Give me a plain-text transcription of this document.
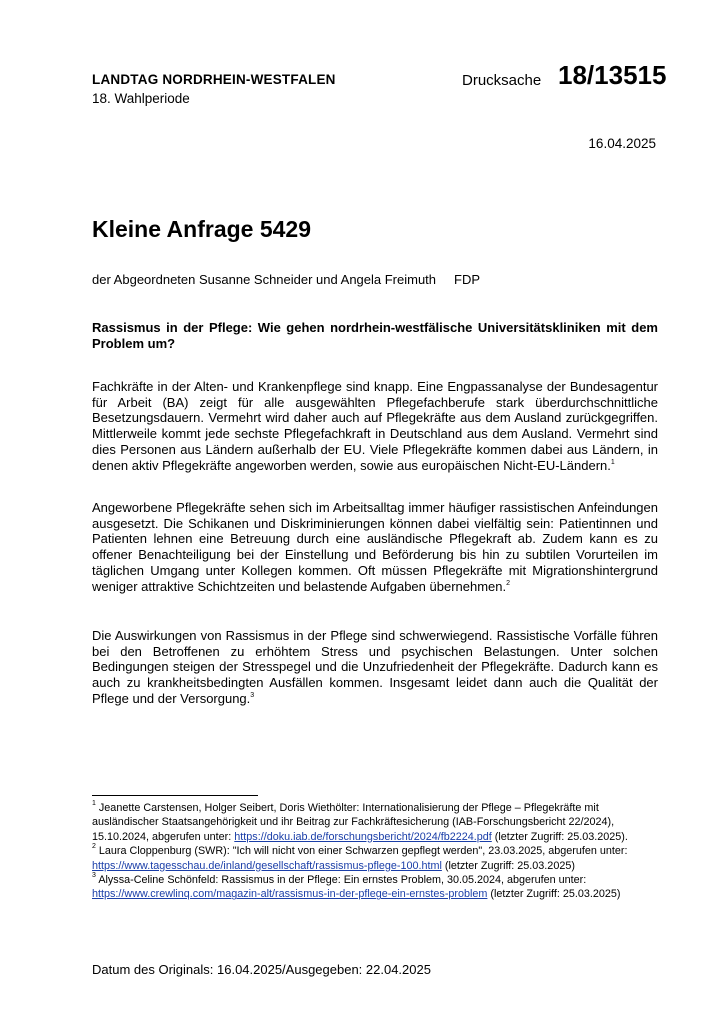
LANDTAG NORDRHEIN-WESTFALEN
18. Wahlperiode
Drucksache 18/13515
16.04.2025
Kleine Anfrage 5429
der Abgeordneten Susanne Schneider und Angela Freimuth FDP
Rassismus in der Pflege: Wie gehen nordrhein-westfälische Universitätskliniken mit dem Problem um?
Fachkräfte in der Alten- und Krankenpflege sind knapp. Eine Engpassanalyse der Bundesagentur für Arbeit (BA) zeigt für alle ausgewählten Pflegefachberufe stark überdurchschnittliche Besetzungsdauern. Vermehrt wird daher auch auf Pflegekräfte aus dem Ausland zurückgegriffen. Mittlerweile kommt jede sechste Pflegefachkraft in Deutschland aus dem Ausland. Vermehrt sind dies Personen aus Ländern außerhalb der EU. Viele Pflegekräfte kommen dabei aus Ländern, in denen aktiv Pflegekräfte angeworben werden, sowie aus europäischen Nicht-EU-Ländern.$^1$
Angeworbene Pflegekräfte sehen sich im Arbeitsalltag immer häufiger rassistischen Anfeindungen ausgesetzt. Die Schikanen und Diskriminierungen können dabei vielfältig sein: Patientinnen und Patienten lehnen eine Betreuung durch eine ausländische Pflegekraft ab. Zudem kann es zu offener Benachteiligung bei der Einstellung und Beförderung bis hin zu subtilen Vorurteilen im täglichen Umgang unter Kollegen kommen. Oft müssen Pflegekräfte mit Migrationshintergrund weniger attraktive Schichtzeiten und belastende Aufgaben übernehmen.$^2$
Die Auswirkungen von Rassismus in der Pflege sind schwerwiegend. Rassistische Vorfälle führen bei den Betroffenen zu erhöhtem Stress und psychischen Belastungen. Unter solchen Bedingungen steigen der Stresspegel und die Unzufriedenheit der Pflegekräfte. Dadurch kann es auch zu krankheitsbedingten Ausfällen kommen. Insgesamt leidet dann auch die Qualität der Pflege und der Versorgung.$^3$

$^1$ Jeanette Carstensen, Holger Seibert, Doris Wiethölter: Internationalisierung der Pflege – Pflegekräfte mit ausländischer Staatsangehörigkeit und ihr Beitrag zur Fachkräftesicherung (IAB-Forschungsbericht 22/2024), 15.10.2024, abgerufen unter: https://doku.iab.de/forschungsbericht/2024/fb2224.pdf (letzter Zugriff: 25.03.2025).

$^2$ Laura Cloppenburg (SWR): "Ich will nicht von einer Schwarzen gepflegt werden", 23.03.2025, abgerufen unter: https://www.tagesschau.de/inland/gesellschaft/rassismus-pflege-100.html (letzter Zugriff: 25.03.2025)

$^3$ Alyssa-Celine Schönfeld: Rassismus in der Pflege: Ein ernstes Problem, 30.05.2024, abgerufen unter: https://www.crewlinq.com/magazin-alt/rassismus-in-der-pflege-ein-ernstes-problem (letzter Zugriff: 25.03.2025)

Datum des Originals: 16.04.2025/Ausgegeben: 22.04.2025
